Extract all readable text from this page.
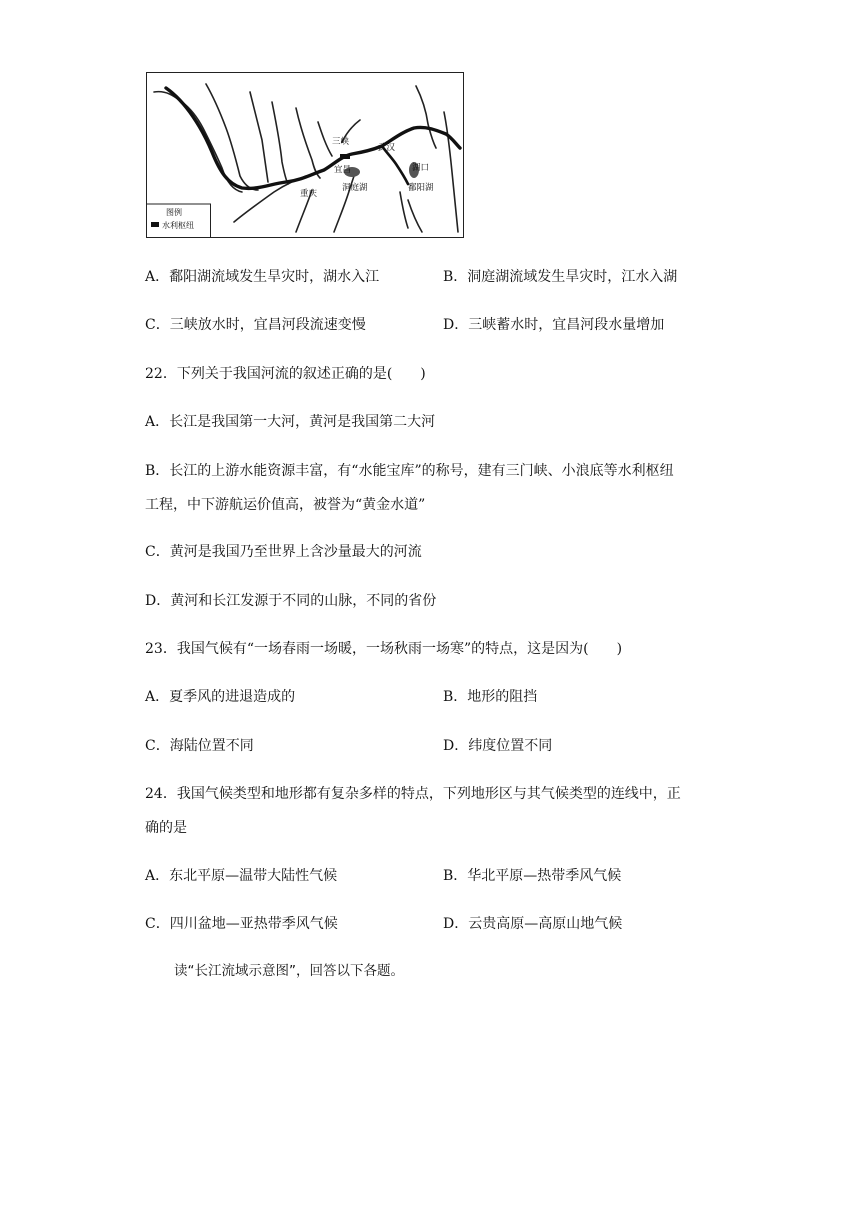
三峡
武汉
宜昌	湖口
重庆
洞庭湖	鄱阳湖
图例
水利枢纽
A．鄱阳湖流域发生旱灾时，湖水入江	B．洞庭湖流域发生旱灾时，江水入湖
C．三峡放水时，宜昌河段流速变慢	D．三峡蓄水时，宜昌河段水量增加
22．下列关于我国河流的叙述正确的是(　　)
A．长江是我国第一大河，黄河是我国第二大河
B．长江的上游水能资源丰富，有“水能宝库”的称号，建有三门峡、小浪底等水利枢纽
工程，中下游航运价值高，被誉为“黄金水道”
C．黄河是我国乃至世界上含沙量最大的河流
D．黄河和长江发源于不同的山脉，不同的省份
23．我国气候有“一场春雨一场暖，一场秋雨一场寒”的特点，这是因为(　　)
A．夏季风的进退造成的	B．地形的阻挡
C．海陆位置不同	D．纬度位置不同
24．我国气候类型和地形都有复杂多样的特点，下列地形区与其气候类型的连线中，正
确的是
A．东北平原—温带大陆性气候	B．华北平原—热带季风气候
C．四川盆地—亚热带季风气候	D．云贵高原—高原山地气候
读“长江流域示意图”，回答以下各题。
